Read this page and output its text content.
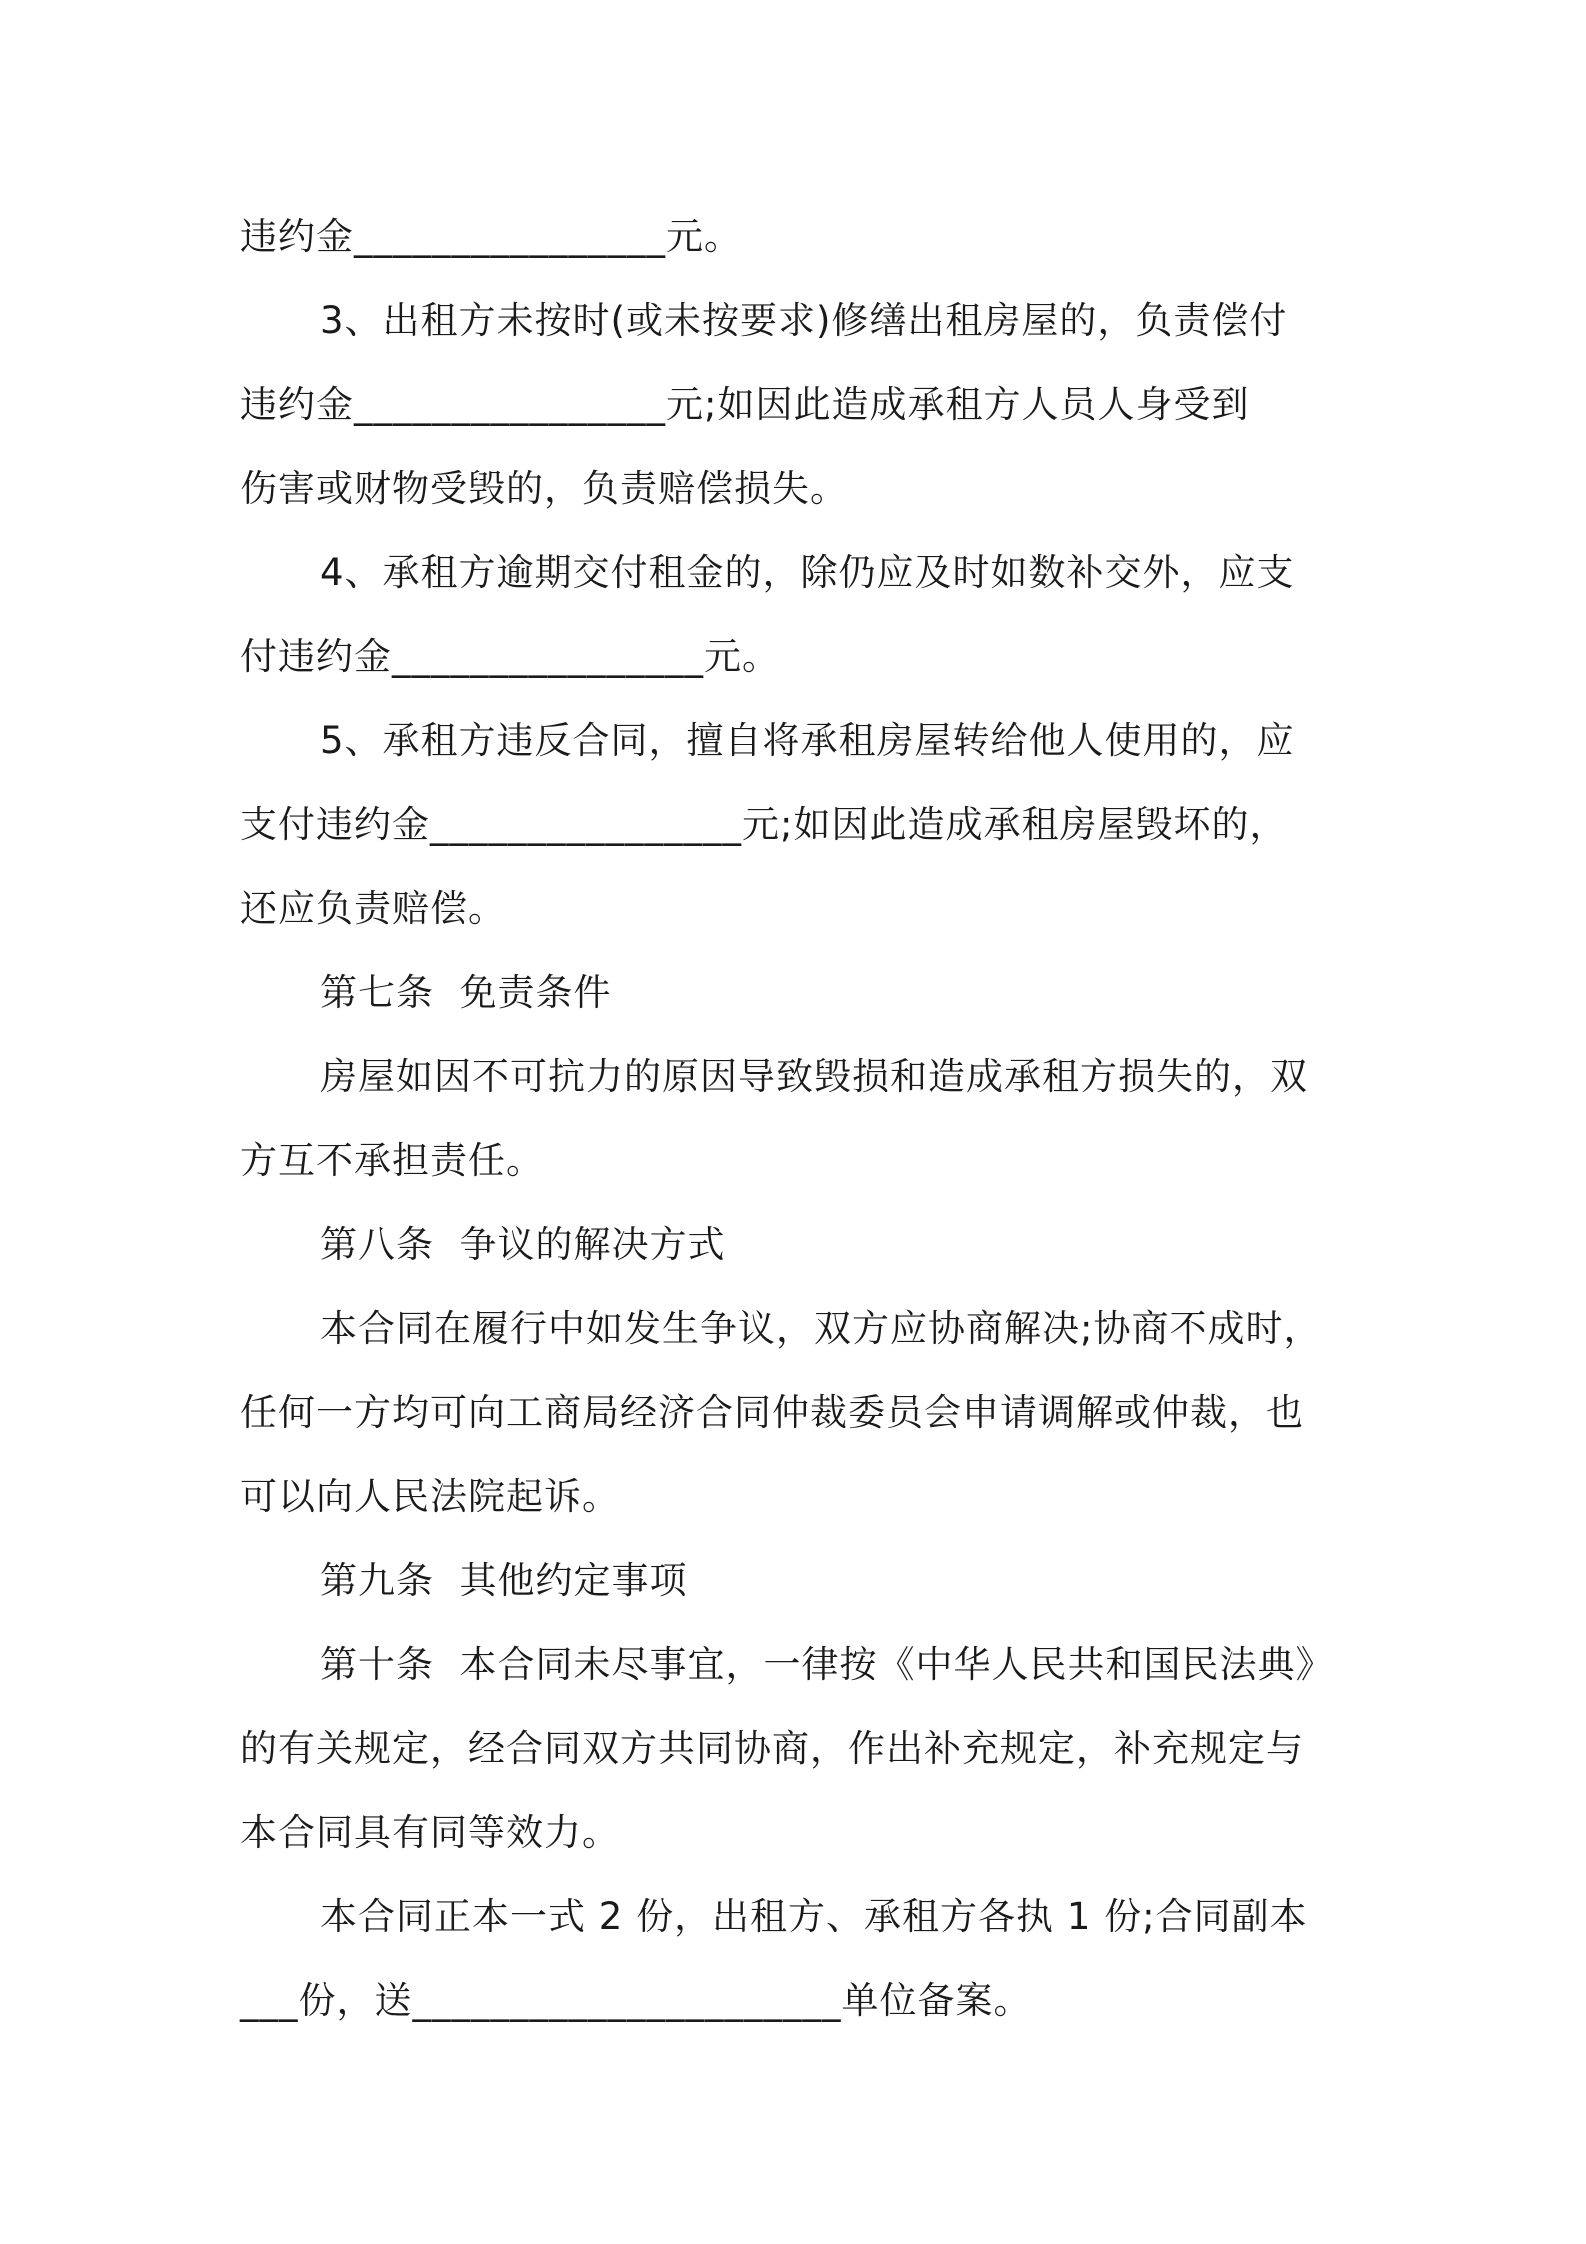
违约金________________元。
3、出租方未按时(或未按要求)修缮出租房屋的，负责偿付
违约金________________元;如因此造成承租方人员人身受到
伤害或财物受毁的，负责赔偿损失。
4、承租方逾期交付租金的，除仍应及时如数补交外，应支
付违约金________________元。
5、承租方违反合同，擅自将承租房屋转给他人使用的，应
支付违约金________________元;如因此造成承租房屋毁坏的，
还应负责赔偿。
第七条  免责条件
房屋如因不可抗力的原因导致毁损和造成承租方损失的，双
方互不承担责任。
第八条  争议的解决方式
本合同在履行中如发生争议，双方应协商解决;协商不成时，
任何一方均可向工商局经济合同仲裁委员会申请调解或仲裁，也
可以向人民法院起诉。
第九条  其他约定事项
第十条  本合同未尽事宜，一律按《中华人民共和国民法典》
的有关规定，经合同双方共同协商，作出补充规定，补充规定与
本合同具有同等效力。
本合同正本一式 2 份，出租方、承租方各执 1 份;合同副本
___份，送______________________单位备案。
